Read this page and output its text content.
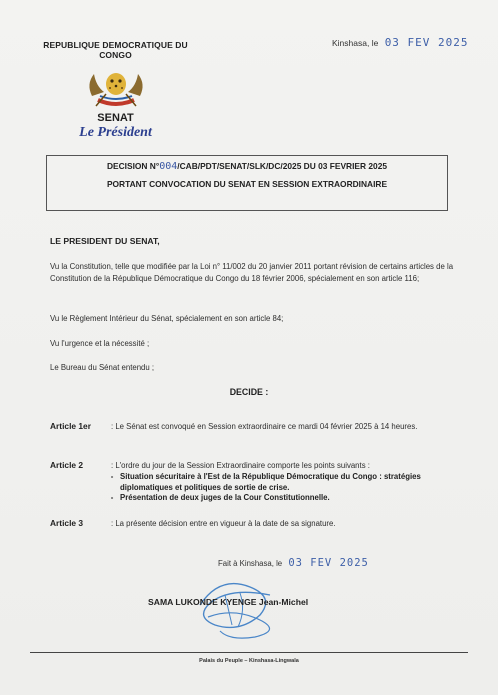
REPUBLIQUE DEMOCRATIQUE DU CONGO
SENAT
Le Président
Kinshasa, le 03 FEV 2025
DECISION N°004/CAB/PDT/SENAT/SLK/DC/2025 DU 03 FEVRIER 2025
PORTANT CONVOCATION DU SENAT EN SESSION EXTRAORDINAIRE
LE PRESIDENT DU SENAT,
Vu la Constitution, telle que modifiée par la Loi n° 11/002 du 20 janvier 2011 portant révision de certains articles de la Constitution de la République Démocratique du Congo du 18 février 2006, spécialement en son article 116;
Vu le Règlement Intérieur du Sénat, spécialement en son article 84;
Vu l'urgence et la nécessité ;
Le Bureau du Sénat entendu ;
DECIDE :
Article 1er	: Le Sénat est convoqué en Session extraordinaire ce mardi 04 février 2025 à 14 heures.
Article 2	: L'ordre du jour de la Session Extraordinaire comporte les points suivants :
- Situation sécuritaire à l'Est de la République Démocratique du Congo : stratégies diplomatiques et politiques de sortie de crise.
- Présentation de deux juges de la Cour Constitutionnelle.
Article 3	: La présente décision entre en vigueur à la date de sa signature.
Fait à Kinshasa, le 03 FEV 2025
SAMA LUKONDE KYENGE Jean-Michel
Palais du Peuple – Kinshasa-Lingwala
